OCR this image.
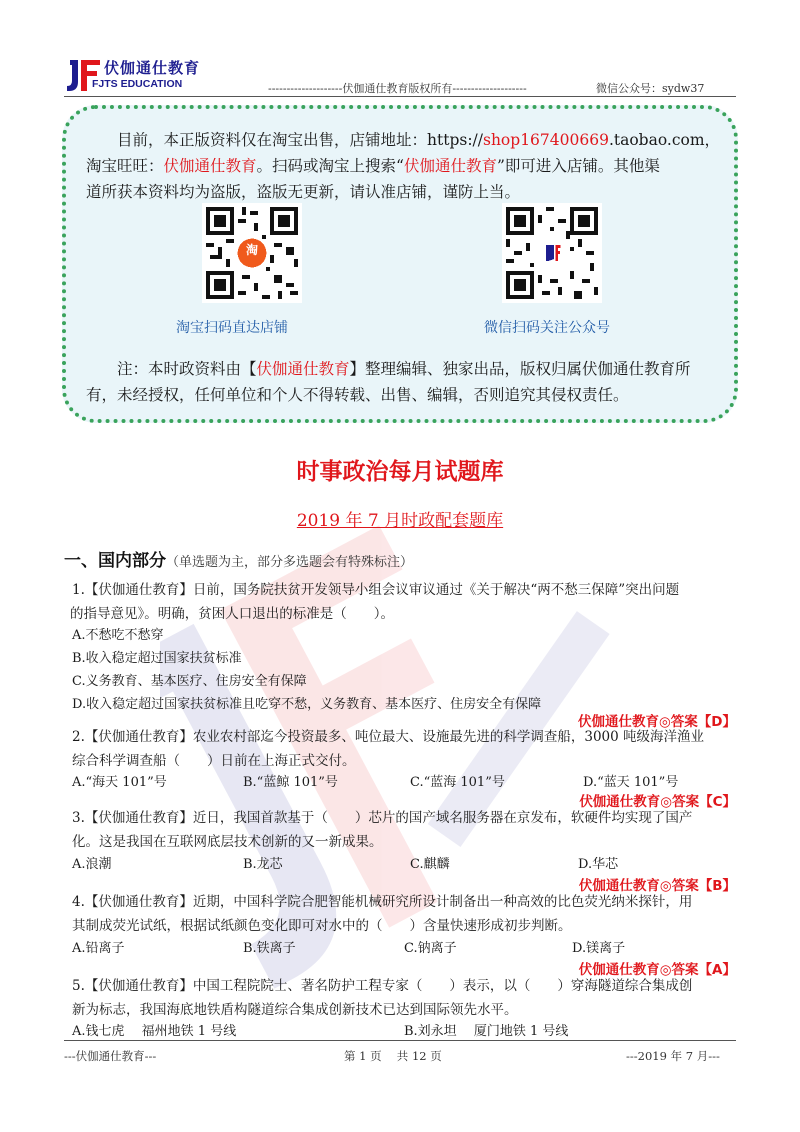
伏伽通仕教育
FJTS EDUCATION	--------------------伏伽通仕教育版权所有--------------------	微信公众号：sydw37
目前，本正版资料仅在淘宝出售，店铺地址：https://shop167400669.taobao.com，
淘宝旺旺：伏伽通仕教育。扫码或淘宝上搜索“伏伽通仕教育”即可进入店铺。其他渠
道所获本资料均为盗版，盗版无更新，请认准店铺，谨防上当。
淘
淘宝扫码直达店铺	微信扫码关注公众号
注：本时政资料由【伏伽通仕教育】整理编辑、独家出品，版权归属伏伽通仕教育所
有，未经授权，任何单位和个人不得转载、出售、编辑，否则追究其侵权责任。
时事政治每月试题库
2019 年 7 月时政配套题库
一、国内部分（单选题为主，部分多选题会有特殊标注）
1.【伏伽通仕教育】日前，国务院扶贫开发领导小组会议审议通过《关于解决“两不愁三保障”突出问题
的指导意见》。明确，贫困人口退出的标准是（　　）。
A.不愁吃不愁穿
B.收入稳定超过国家扶贫标准
C.义务教育、基本医疗、住房安全有保障
D.收入稳定超过国家扶贫标准且吃穿不愁，义务教育、基本医疗、住房安全有保障
伏伽通仕教育◎答案【D】
2.【伏伽通仕教育】农业农村部迄今投资最多、吨位最大、设施最先进的科学调查船，3000 吨级海洋渔业
综合科学调查船（　　）日前在上海正式交付。
A.“海天 101”号	B.“蓝鲸 101”号	C.“蓝海 101”号	D.“蓝天 101”号
伏伽通仕教育◎答案【C】
3.【伏伽通仕教育】近日，我国首款基于（　　）芯片的国产域名服务器在京发布，软硬件均实现了国产
化。这是我国在互联网底层技术创新的又一新成果。
A.浪潮	B.龙芯	C.麒麟	D.华芯
伏伽通仕教育◎答案【B】
4.【伏伽通仕教育】近期，中国科学院合肥智能机械研究所设计制备出一种高效的比色荧光纳米探针，用
其制成荧光试纸，根据试纸颜色变化即可对水中的（　　）含量快速形成初步判断。
A.铅离子	B.铁离子	C.钠离子	D.镁离子
伏伽通仕教育◎答案【A】
5.【伏伽通仕教育】中国工程院院士、著名防护工程专家（　　）表示，以（　　）穿海隧道综合集成创
新为标志，我国海底地铁盾构隧道综合集成创新技术已达到国际领先水平。
A.钱七虎　 福州地铁 1 号线	B.刘永坦　 厦门地铁 1 号线
---伏伽通仕教育---	第 1 页　 共 12 页	---2019 年 7 月---
